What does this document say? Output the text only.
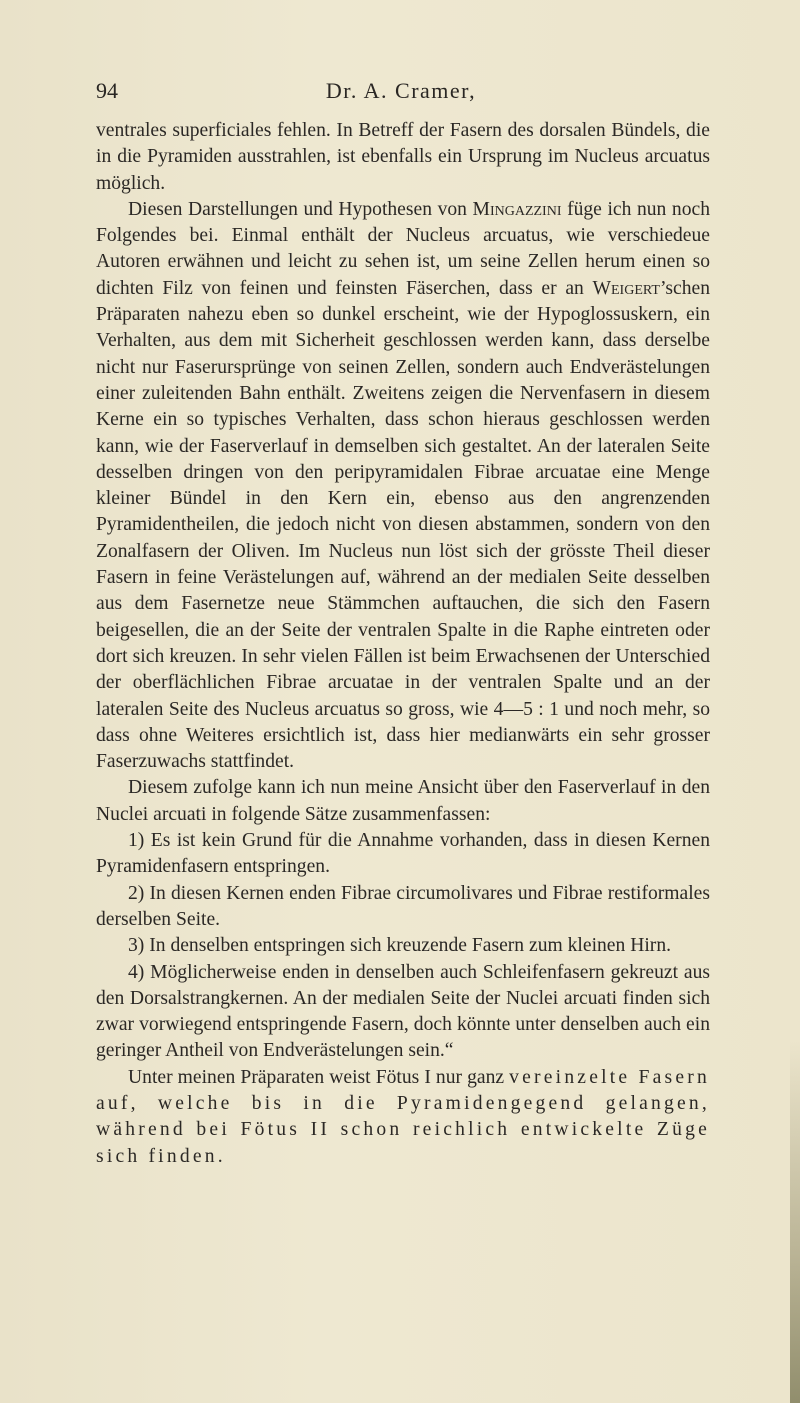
94	Dr. A. Cramer,

ventrales superficiales fehlen. In Betreff der Fasern des dorsalen Bündels, die in die Pyramiden ausstrahlen, ist ebenfalls ein Ursprung im Nucleus arcuatus möglich.

Diesen Darstellungen und Hypothesen von Mingazzini füge ich nun noch Folgendes bei. Einmal enthält der Nucleus arcuatus, wie verschiedeue Autoren erwähnen und leicht zu sehen ist, um seine Zellen herum einen so dichten Filz von feinen und feinsten Fäserchen, dass er an Weigert’schen Präparaten nahezu eben so dunkel erscheint, wie der Hypoglossuskern, ein Verhalten, aus dem mit Sicherheit geschlossen werden kann, dass derselbe nicht nur Faserursprünge von seinen Zellen, sondern auch Endverästelungen einer zuleitenden Bahn enthält. Zweitens zeigen die Nervenfasern in diesem Kerne ein so typisches Verhalten, dass schon hieraus geschlossen werden kann, wie der Faserverlauf in demselben sich gestaltet. An der lateralen Seite desselben dringen von den peripyramidalen Fibrae arcuatae eine Menge kleiner Bündel in den Kern ein, ebenso aus den angrenzenden Pyramidentheilen, die jedoch nicht von diesen abstammen, sondern von den Zonalfasern der Oliven. Im Nucleus nun löst sich der grösste Theil dieser Fasern in feine Verästelungen auf, während an der medialen Seite desselben aus dem Fasernetze neue Stämmchen auftauchen, die sich den Fasern beigesellen, die an der Seite der ventralen Spalte in die Raphe eintreten oder dort sich kreuzen. In sehr vielen Fällen ist beim Erwachsenen der Unterschied der oberflächlichen Fibrae arcuatae in der ventralen Spalte und an der lateralen Seite des Nucleus arcuatus so gross, wie 4—5 : 1 und noch mehr, so dass ohne Weiteres ersichtlich ist, dass hier medianwärts ein sehr grosser Faserzuwachs stattfindet.

Diesem zufolge kann ich nun meine Ansicht über den Faserverlauf in den Nuclei arcuati in folgende Sätze zusammenfassen:

1) Es ist kein Grund für die Annahme vorhanden, dass in diesen Kernen Pyramidenfasern entspringen.

2) In diesen Kernen enden Fibrae circumolivares und Fibrae restiformales derselben Seite.

3) In denselben entspringen sich kreuzende Fasern zum kleinen Hirn.

4) Möglicherweise enden in denselben auch Schleifenfasern gekreuzt aus den Dorsalstrangkernen. An der medialen Seite der Nuclei arcuati finden sich zwar vorwiegend entspringende Fasern, doch könnte unter denselben auch ein geringer Antheil von Endverästelungen sein.“

Unter meinen Präparaten weist Fötus I nur ganz vereinzelte Fasern auf, welche bis in die Pyramidengegend gelangen, während bei Fötus II schon reichlich entwickelte Züge sich finden.
